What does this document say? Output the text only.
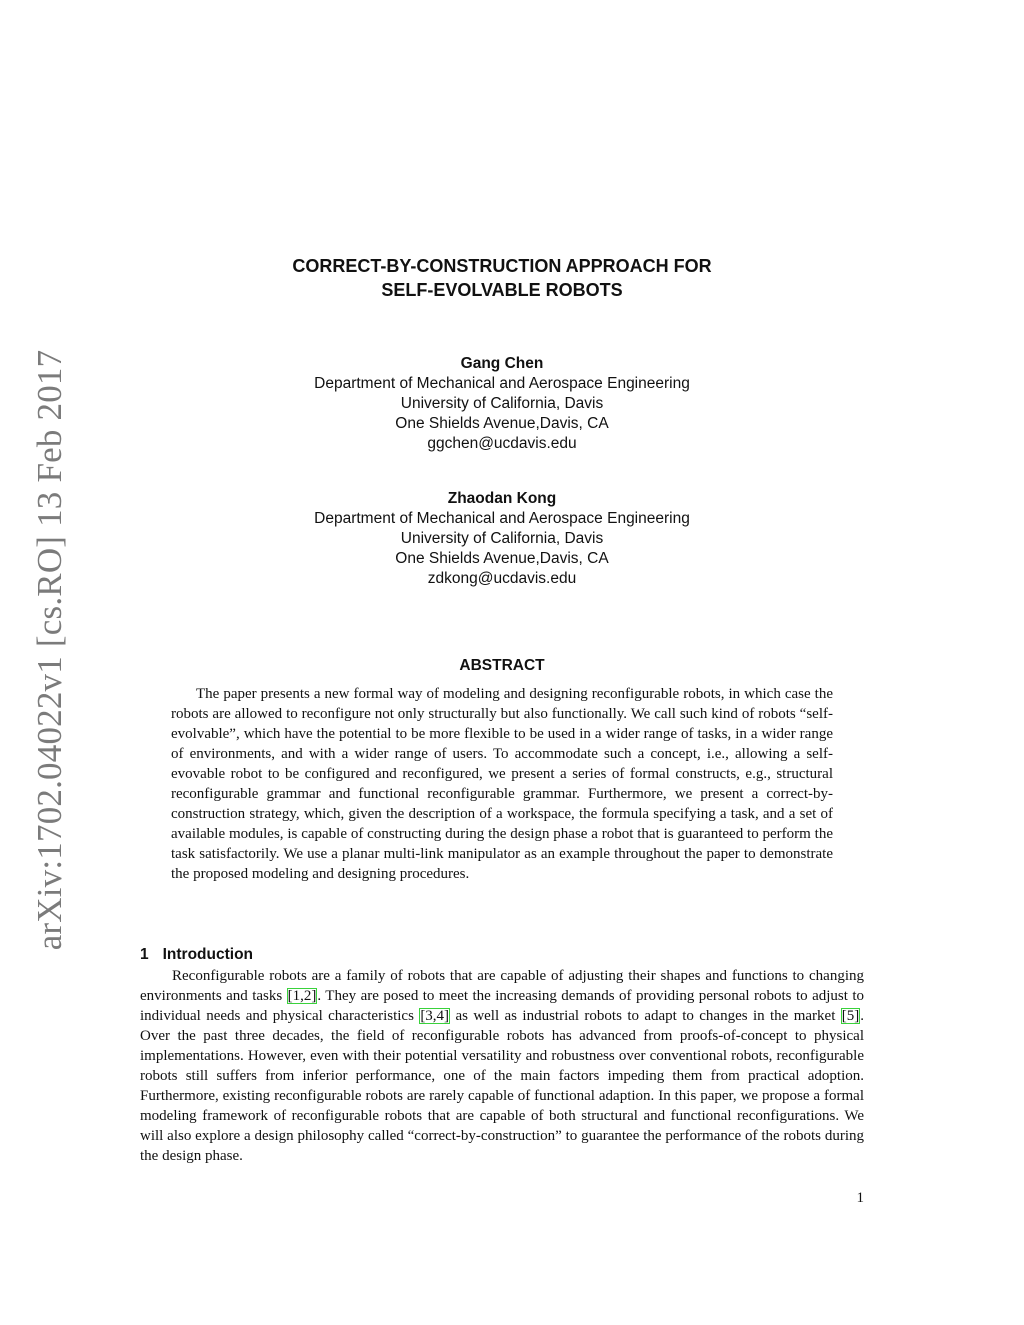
arXiv:1702.04022v1 [cs.RO] 13 Feb 2017
CORRECT-BY-CONSTRUCTION APPROACH FOR
SELF-EVOLVABLE ROBOTS
Gang Chen
Department of Mechanical and Aerospace Engineering
University of California, Davis
One Shields Avenue,Davis, CA
ggchen@ucdavis.edu
Zhaodan Kong
Department of Mechanical and Aerospace Engineering
University of California, Davis
One Shields Avenue,Davis, CA
zdkong@ucdavis.edu
ABSTRACT

The paper presents a new formal way of modeling and designing reconfigurable robots, in which case the robots are allowed to reconfigure not only structurally but also functionally. We call such kind of robots “self-evolvable”, which have the potential to be more flexible to be used in a wider range of tasks, in a wider range of environments, and with a wider range of users. To accommodate such a concept, i.e., allowing a self-evovable robot to be configured and reconfigured, we present a series of formal constructs, e.g., structural reconfigurable grammar and functional reconfigurable grammar. Furthermore, we present a correct-by-construction strategy, which, given the description of a workspace, the formula specifying a task, and a set of available modules, is capable of constructing during the design phase a robot that is guaranteed to perform the task satisfactorily. We use a planar multi-link manipulator as an example throughout the paper to demonstrate the proposed modeling and designing procedures.

1 Introduction

Reconfigurable robots are a family of robots that are capable of adjusting their shapes and functions to changing environments and tasks [1,2]. They are posed to meet the increasing demands of providing personal robots to adjust to individual needs and physical characteristics [3,4] as well as industrial robots to adapt to changes in the market [5]. Over the past three decades, the field of reconfigurable robots has advanced from proofs-of-concept to physical implementations. However, even with their potential versatility and robustness over conventional robots, reconfigurable robots still suffers from inferior performance, one of the main factors impeding them from practical adoption. Furthermore, existing reconfigurable robots are rarely capable of functional adaption. In this paper, we propose a formal modeling framework of reconfigurable robots that are capable of both structural and functional reconfigurations. We will also explore a design philosophy called “correct-by-construction” to guarantee the performance of the robots during the design phase.

1
